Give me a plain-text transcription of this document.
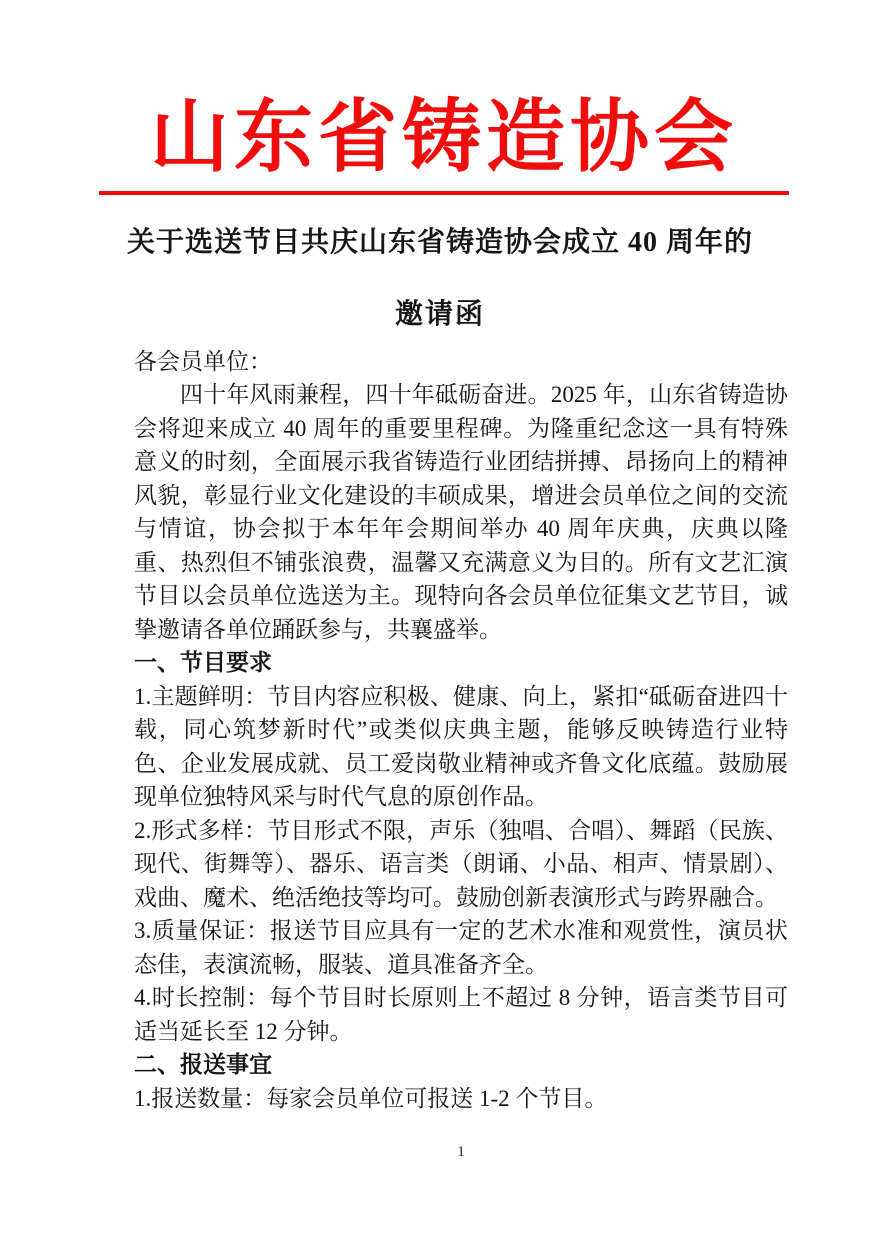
山东省铸造协会
关于选送节目共庆山东省铸造协会成立 40 周年的
邀请函

各会员单位：

四十年风雨兼程，四十年砥砺奋进。2025 年，山东省铸造协会将迎来成立 40 周年的重要里程碑。为隆重纪念这一具有特殊意义的时刻，全面展示我省铸造行业团结拼搏、昂扬向上的精神风貌，彰显行业文化建设的丰硕成果，增进会员单位之间的交流与情谊，协会拟于本年年会期间举办 40 周年庆典，庆典以隆重、热烈但不铺张浪费，温馨又充满意义为目的。所有文艺汇演节目以会员单位选送为主。现特向各会员单位征集文艺节目，诚挚邀请各单位踊跃参与，共襄盛举。

一、节目要求

1.主题鲜明：节目内容应积极、健康、向上，紧扣“砥砺奋进四十载，同心筑梦新时代”或类似庆典主题，能够反映铸造行业特色、企业发展成就、员工爱岗敬业精神或齐鲁文化底蕴。鼓励展现单位独特风采与时代气息的原创作品。

2.形式多样：节目形式不限，声乐（独唱、合唱）、舞蹈（民族、现代、街舞等）、器乐、语言类（朗诵、小品、相声、情景剧）、戏曲、魔术、绝活绝技等均可。鼓励创新表演形式与跨界融合。

3.质量保证：报送节目应具有一定的艺术水准和观赏性，演员状态佳，表演流畅，服装、道具准备齐全。

4.时长控制：每个节目时长原则上不超过 8 分钟，语言类节目可适当延长至 12 分钟。

二、报送事宜

1.报送数量：每家会员单位可报送 1-2 个节目。

1
